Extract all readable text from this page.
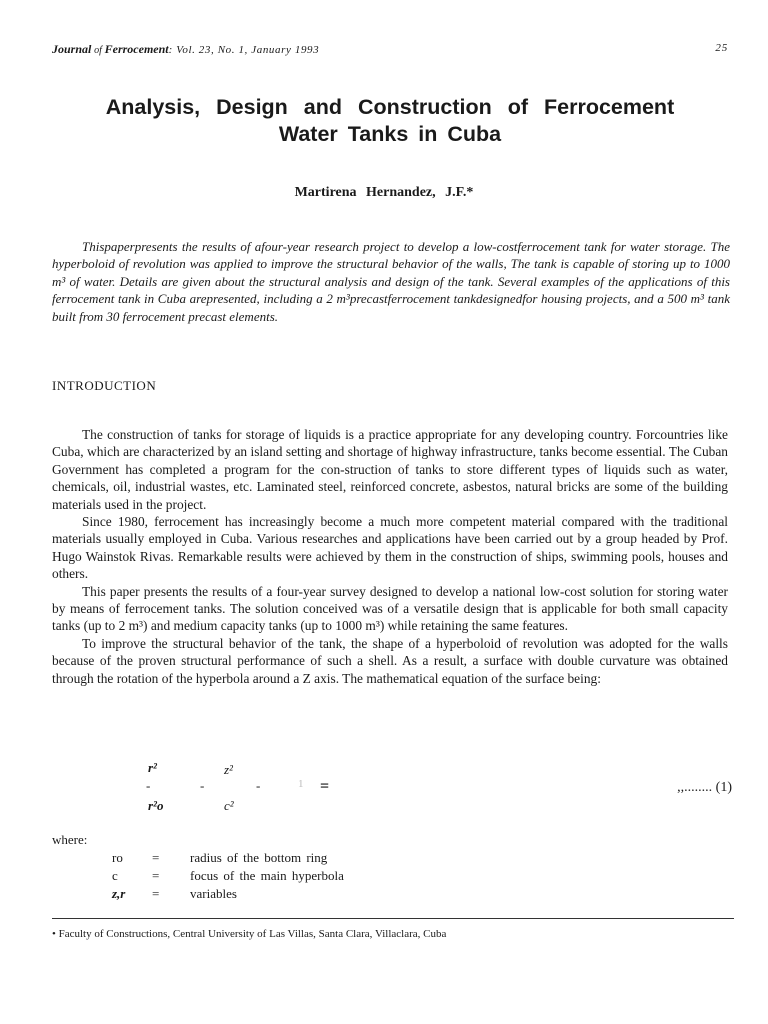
Journal of Ferrocement: Vol. 23, No. 1, January 1993	25
Analysis, Design and Construction of Ferrocement
Water Tanks in Cuba
Martirena Hernandez, J.F.*

Thispaperpresents the results of afour-year research project to develop a low-costferrocement tank for water storage. The hyperboloid of revolution was applied to improve the structural behavior of the walls, The tank is capable of storing up to 1000 m³ of water. Details are given about the structural analysis and design of the tank. Several examples of the applications of this ferrocement tank in Cuba arepresented, including a 2 m³precastferrocement tankdesignedfor housing projects, and a 500 m³ tank built from 30 ferrocement precast elements.

INTRODUCTION

The construction of tanks for storage of liquids is a practice appropriate for any developing country. Forcountries like Cuba, which are characterized by an island setting and shortage of highway infrastructure, tanks become essential. The Cuban Government has completed a program for the con-struction of tanks to store different types of liquids such as water, chemicals, oil, industrial wastes, etc. Laminated steel, reinforced concrete, asbestos, natural bricks are some of the building materials used in the project.

Since 1980, ferrocement has increasingly become a much more competent material compared with the traditional materials usually employed in Cuba. Various researches and applications have been carried out by a group headed by Prof. Hugo Wainstok Rivas. Remarkable results were achieved by them in the construction of ships, swimming pools, houses and others.

This paper presents the results of a four-year survey designed to develop a national low-cost solution for storing water by means of ferrocement tanks. The solution conceived was of a versatile design that is applicable for both small capacity tanks (up to 2 m³) and medium capacity tanks (up to 1000 m³) while retaining the same features.

To improve the structural behavior of the tank, the shape of a hyperboloid of revolution was adopted for the walls because of the proven structural performance of such a shell. As a result, a surface with double curvature was obtained through the rotation of the hyperbola around a Z axis. The mathematical equation of the surface being:

r²	z²
-	-	-	1 =
r²o	c²
,,........ (1)
where:
ro = radius of the bottom ring
c	= focus of the main hyperbola
z,r = variables
• Faculty of Constructions, Central University of Las Villas, Santa Clara, Villaclara, Cuba
